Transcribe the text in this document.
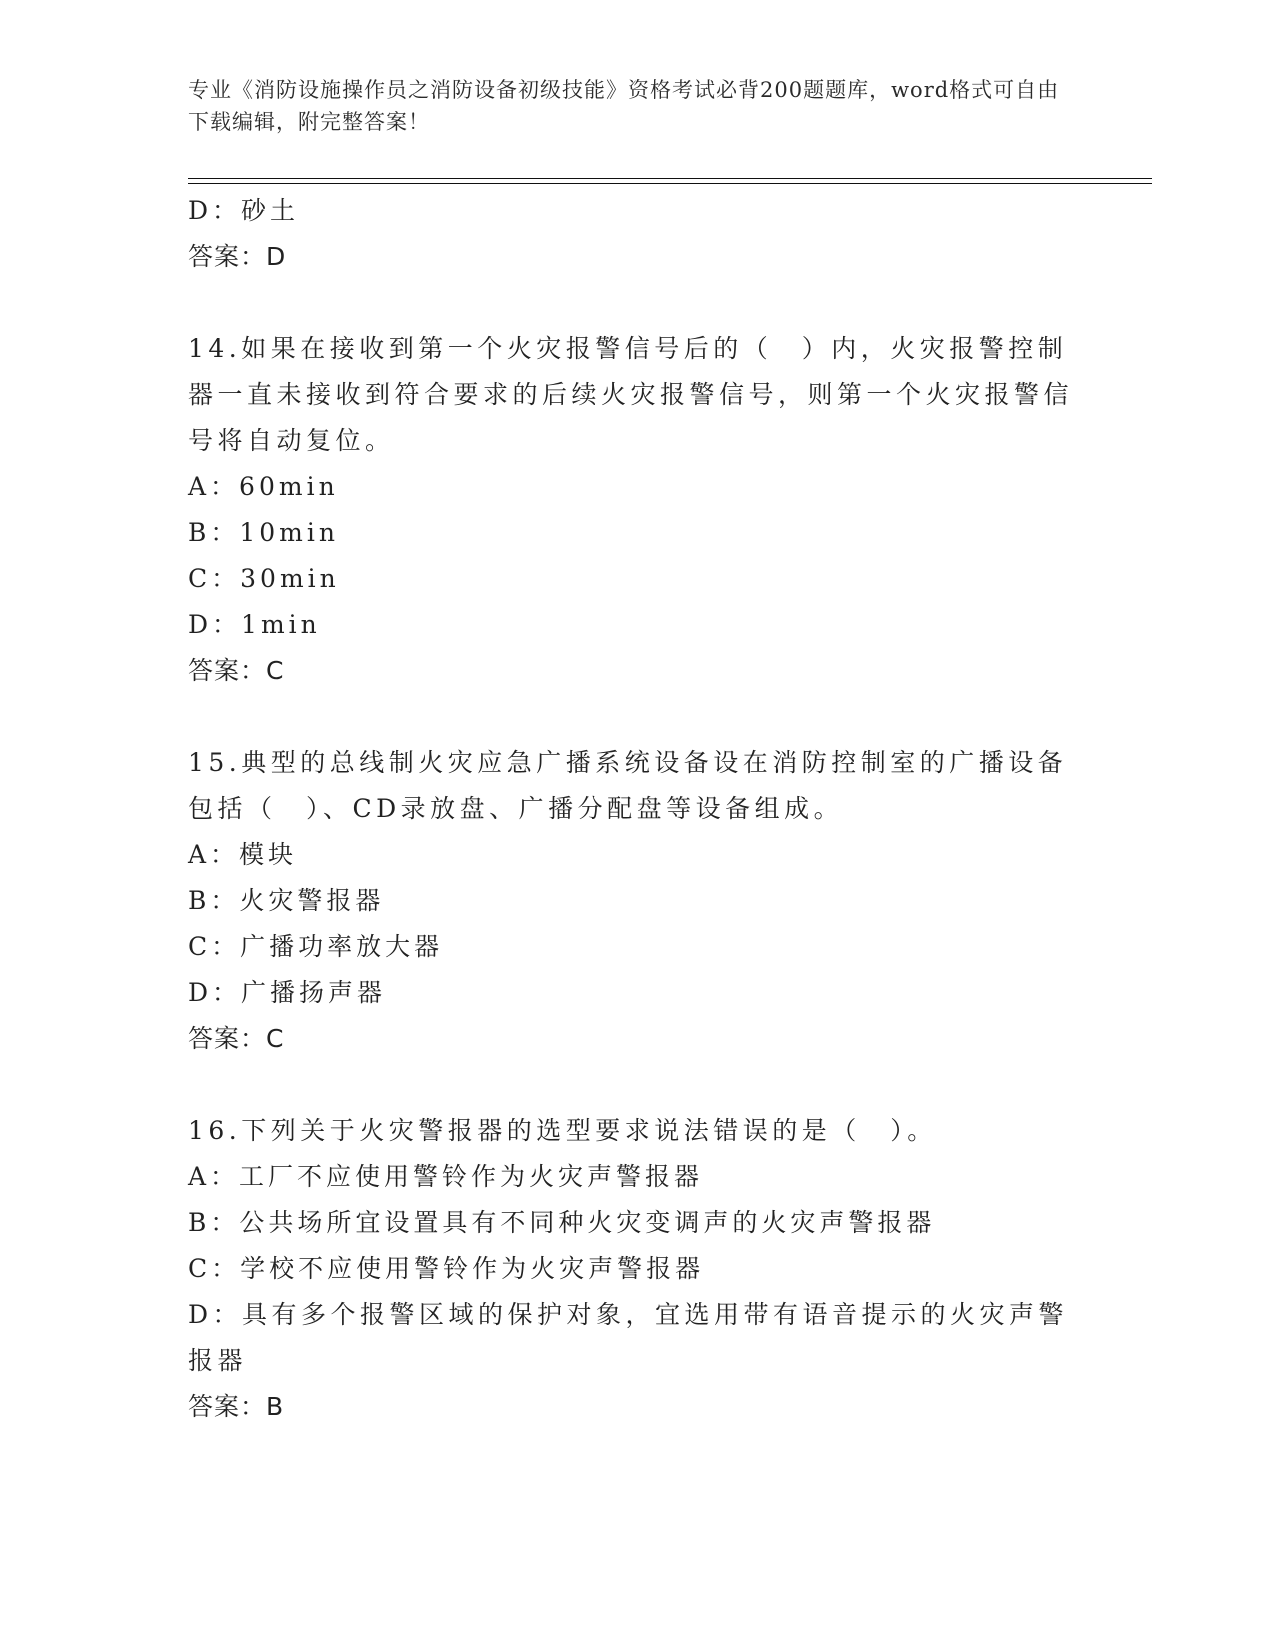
专业《消防设施操作员之消防设备初级技能》资格考试必背200题题库，word格式可自由下载编辑，附完整答案！
D：砂土
答案：D
14.如果在接收到第一个火灾报警信号后的（　）内，火灾报警控制器一直未接收到符合要求的后续火灾报警信号，则第一个火灾报警信号将自动复位。
A：60min
B：10min
C：30min
D：1min
答案：C
15.典型的总线制火灾应急广播系统设备设在消防控制室的广播设备包括（　）、CD录放盘、广播分配盘等设备组成。
A：模块
B：火灾警报器
C：广播功率放大器
D：广播扬声器
答案：C
16.下列关于火灾警报器的选型要求说法错误的是（　）。
A：工厂不应使用警铃作为火灾声警报器
B：公共场所宜设置具有不同种火灾变调声的火灾声警报器
C：学校不应使用警铃作为火灾声警报器
D：具有多个报警区域的保护对象，宜选用带有语音提示的火灾声警报器
答案：B
